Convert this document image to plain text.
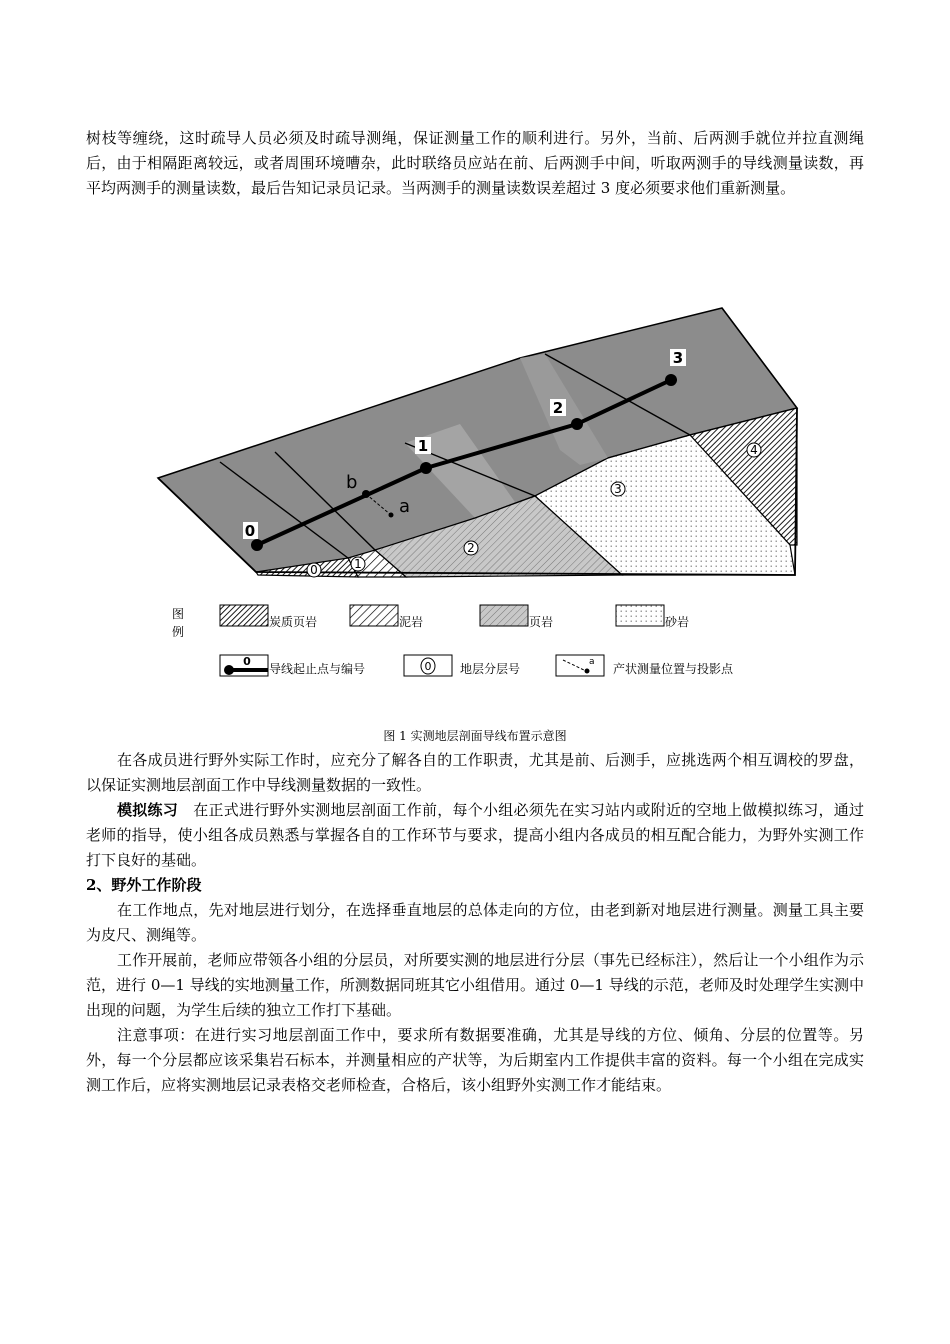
树枝等缠绕，这时疏导人员必须及时疏导测绳，保证测量工作的顺利进行。另外，当前、后两测手就位并拉直测绳后，由于相隔距离较远，或者周围环境嘈杂，此时联络员应站在前、后两测手中间，听取两测手的导线测量读数，再平均两测手的测量读数，最后告知记录员记录。当两测手的测量读数误差超过 3 度必须要求他们重新测量。

0
1
2
3
b
a
0	1
2
3
4
图
例
炭质页岩	泥岩	页岩	砂岩
0
导线起止点与编号	0 地层分层号	a 产状测量位置与投影点
图 1 实测地层剖面导线布置示意图

在各成员进行野外实际工作时，应充分了解各自的工作职责，尤其是前、后测手，应挑选两个相互调校的罗盘，以保证实测地层剖面工作中导线测量数据的一致性。

模拟练习　 在正式进行野外实测地层剖面工作前，每个小组必须先在实习站内或附近的空地上做模拟练习，通过老师的指导，使小组各成员熟悉与掌握各自的工作环节与要求，提高小组内各成员的相互配合能力，为野外实测工作打下良好的基础。

2、野外工作阶段

在工作地点，先对地层进行划分，在选择垂直地层的总体走向的方位，由老到新对地层进行测量。测量工具主要为皮尺、测绳等。

工作开展前，老师应带领各小组的分层员，对所要实测的地层进行分层（事先已经标注），然后让一个小组作为示范，进行 0—1 导线的实地测量工作，所测数据同班其它小组借用。通过 0—1 导线的示范，老师及时处理学生实测中出现的问题，为学生后续的独立工作打下基础。

注意事项：在进行实习地层剖面工作中，要求所有数据要准确，尤其是导线的方位、倾角、分层的位置等。另外，每一个分层都应该采集岩石标本，并测量相应的产状等，为后期室内工作提供丰富的资料。每一个小组在完成实测工作后，应将实测地层记录表格交老师检查，合格后，该小组野外实测工作才能结束。
